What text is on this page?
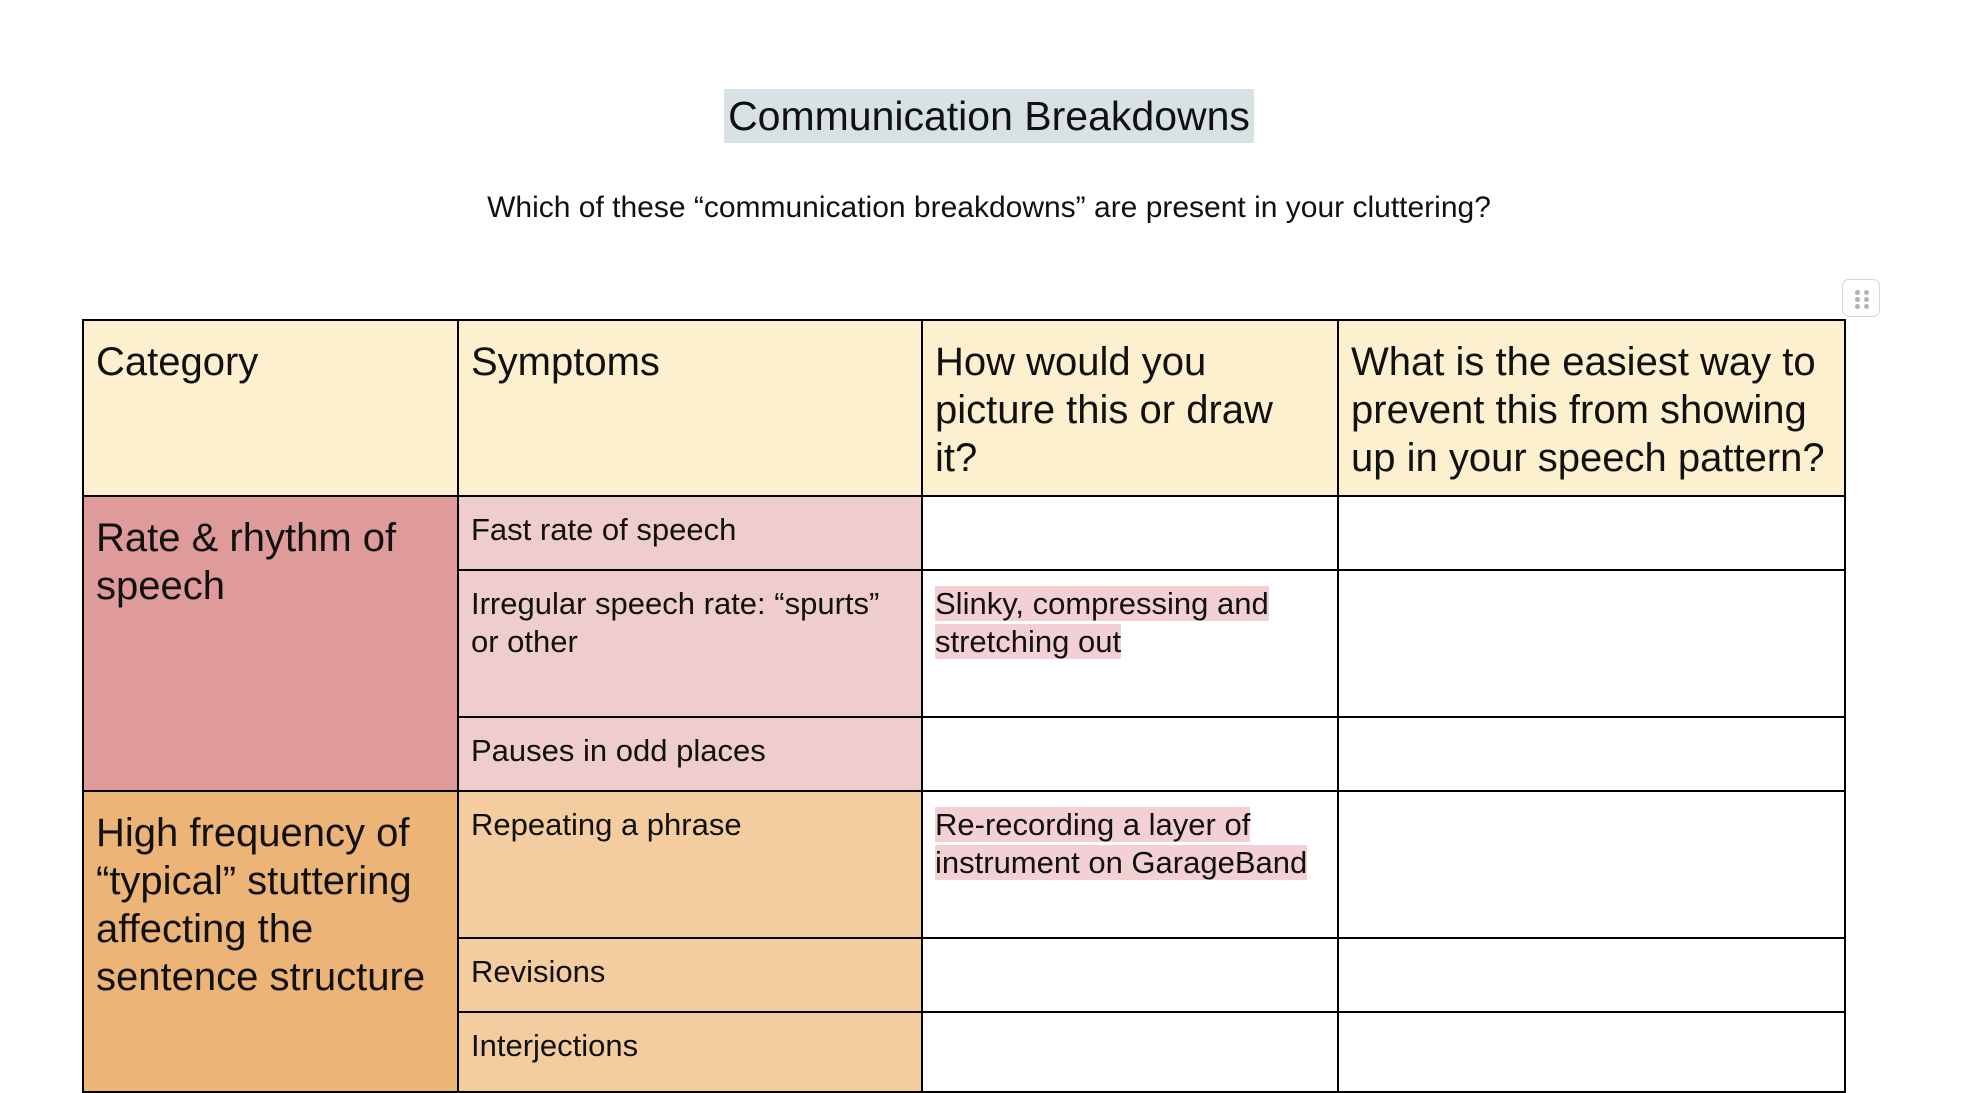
Communication Breakdowns

Which of these “communication breakdowns” are present in your cluttering?

Category	Symptoms	How would you picture this or draw it?	What is the easiest way to prevent this from showing up in your speech pattern?
Rate & rhythm of speech	Fast rate of speech		
	Irregular speech rate: “spurts” or other	Slinky, compressing and stretching out	
	Pauses in odd places		
High frequency of “typical” stuttering affecting the sentence structure	Repeating a phrase	Re-recording a layer of instrument on GarageBand	
	Revisions		
	Interjections		
